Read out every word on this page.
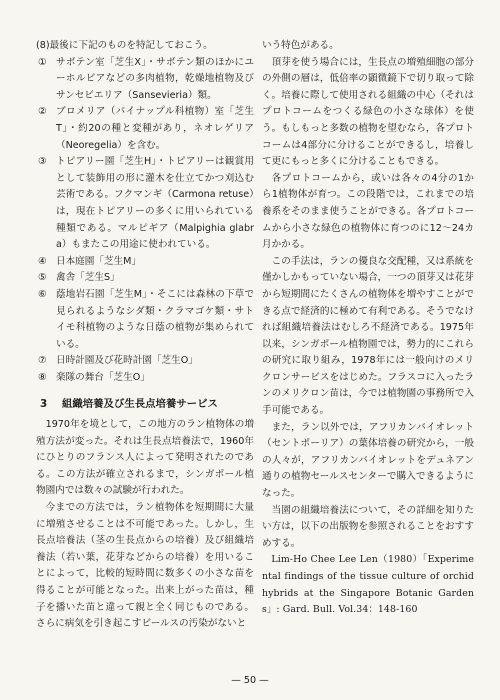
(8)最後に下記のものを特記しておこう。

① サボテン室「芝生X」・サボテン類のほかにユーホルビアなどの多肉植物，乾燥地植物及びサンセビエリア（Sansevieria）類。
② ブロメリア（パイナップル科植物）室「芝生T」・約20の種と変種があり，ネオレゲリア（Neoregelia）を含む。
③ トピアリー園「芝生H」・トピアリーは観賞用として装飾用の形に灌木を仕立てかつ刈込む芸術である。フクマンギ（Carmona retuse）は，現在トピアリーの多くに用いられている種類である。マルピギア（Malpighia glabra）もまたこの用途に使われている。
④ 日本庭園「芝生M」
⑤ 禽舎「芝生S」
⑥ 蔭地岩石園「芝生M」・そこには森林の下草で見られるようなシダ類・クラマゴケ類・サトイモ科植物のような日蔭の植物が集められている。
⑦ 日時計園及び花時計園「芝生O」
⑧ 楽隊の舞台「芝生O」
3 組織培養及び生長点培養サービス

1970年を境として，この地方のラン植物体の増殖方法が変った。それは生長点培養法で，1960年にひとりのフランス人によって発明されたのである。この方法が確立されるまで，シンガポール植物園内では数々の試験が行われた。

今までの方法では，ラン植物体を短期間に大量に増殖させることは不可能であった。しかし，生長点培養法（茎の生長点からの培養）及び組織培養法（若い葉，花芽などからの培養）を用いることによって，比較的短時間に数多くの小さな苗を得ることが可能となった。出来上がった苗は，種子を播いた苗と違って親と全く同じものである。さらに病気を引き起こすビールスの汚染がないと

いう特色がある。

頂芽を使う場合には，生長点の増殖細胞の部分の外側の層は，低倍率の顕微鏡下で切り取って除く。培養に際して使用される組織の中心（それはプロトコームをつくる緑色の小さな球体）を使う。もしもっと多数の植物を望むなら，各プロトコームは4部分に分けることができるし，培養して更にもっと多くに分けることもできる。

各プロトコームから，或いは各々の4分の1から1植物体が育つ。この段階では，これまでの培養系をそのまま使うことができる。各プロトコームから小さな緑色の植物体に育つのに12〜24カ月かかる。

この手法は，ランの優良な交配種，又は系統を僅かしかもっていない場合，一つの頂芽又は花芽から短期間にたくさんの植物体を増やすことができる点で経済的に極めて有利である。そうでなければ組織培養法はむしろ不経済である。1975年以来，シンガポール植物園では，勢力的にこれらの研究に取り組み，1978年には一般向けのメリクロンサービスをはじめた。フラスコに入ったランのメリクロン苗は，今では植物園の事務所で入手可能である。

また，ラン以外では，アフリカンバイオレット（セントポーリア）の葉体培養の研究から，一般の人々が，アフリカンバイオレットをデュネアン通りの植物セールスセンターで購入できるようになった。

当園の組織培養法について，その詳細を知りたい方は，以下の出版物を参照されることをおすすめする。

Lim-Ho Chee Lee Len（1980）「Experimental findings of the tissue culture of orchid hybrids at the Singapore Botanic Gardens」: Gard. Bull. Vol.34：148-160

— 50 —
